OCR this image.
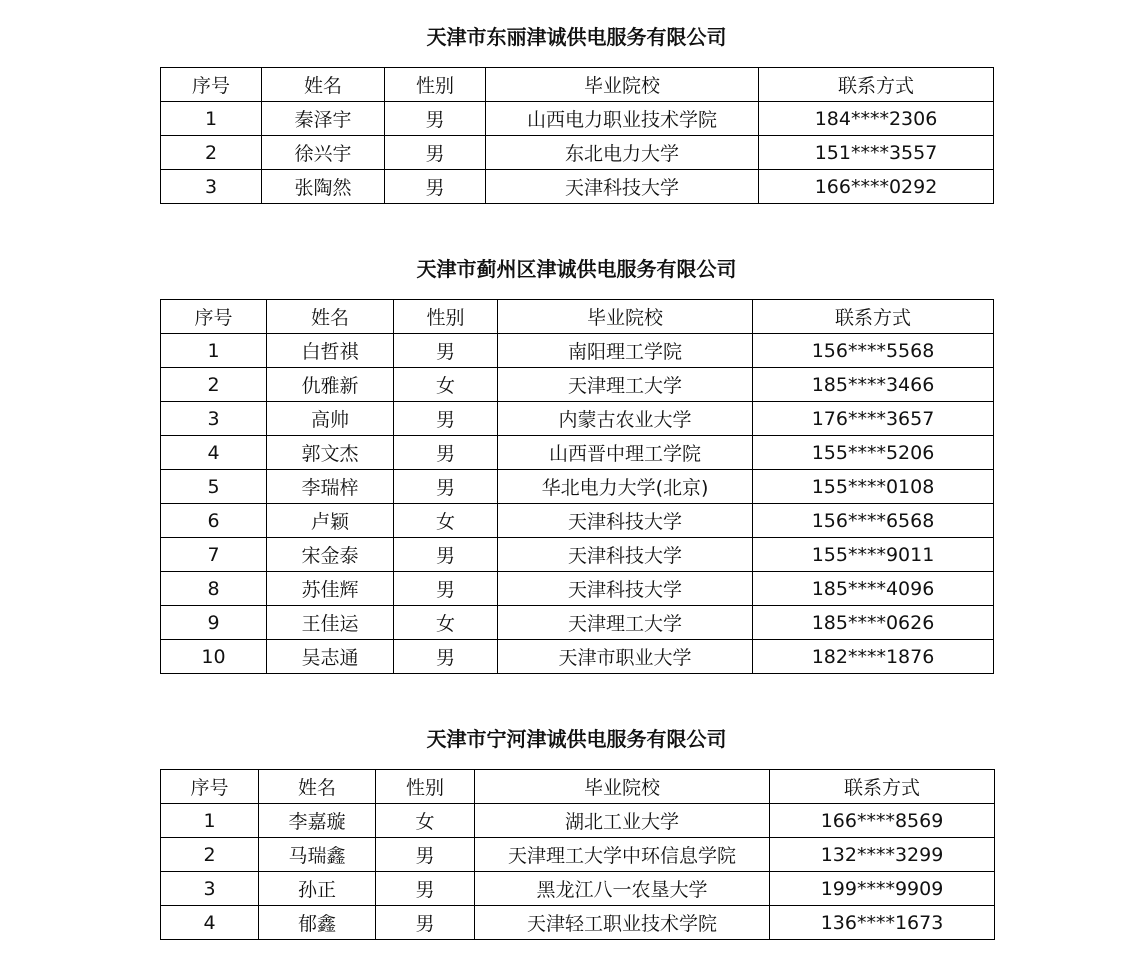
天津市东丽津诚供电服务有限公司
序号	姓名	性别	毕业院校	联系方式
1	秦泽宇	男	山西电力职业技术学院	184****2306
2	徐兴宇	男	东北电力大学	151****3557
3	张陶然	男	天津科技大学	166****0292
天津市蓟州区津诚供电服务有限公司
序号	姓名	性别	毕业院校	联系方式
1	白哲祺	男	南阳理工学院	156****5568
2	仇雅新	女	天津理工大学	185****3466
3	高帅	男	内蒙古农业大学	176****3657
4	郭文杰	男	山西晋中理工学院	155****5206
5	李瑞梓	男	华北电力大学(北京)	155****0108
6	卢颖	女	天津科技大学	156****6568
7	宋金泰	男	天津科技大学	155****9011
8	苏佳辉	男	天津科技大学	185****4096
9	王佳运	女	天津理工大学	185****0626
10	吴志通	男	天津市职业大学	182****1876
天津市宁河津诚供电服务有限公司
序号	姓名	性别	毕业院校	联系方式
1	李嘉璇	女	湖北工业大学	166****8569
2	马瑞鑫	男	天津理工大学中环信息学院	132****3299
3	孙正	男	黑龙江八一农垦大学	199****9909
4	郁鑫	男	天津轻工职业技术学院	136****1673
